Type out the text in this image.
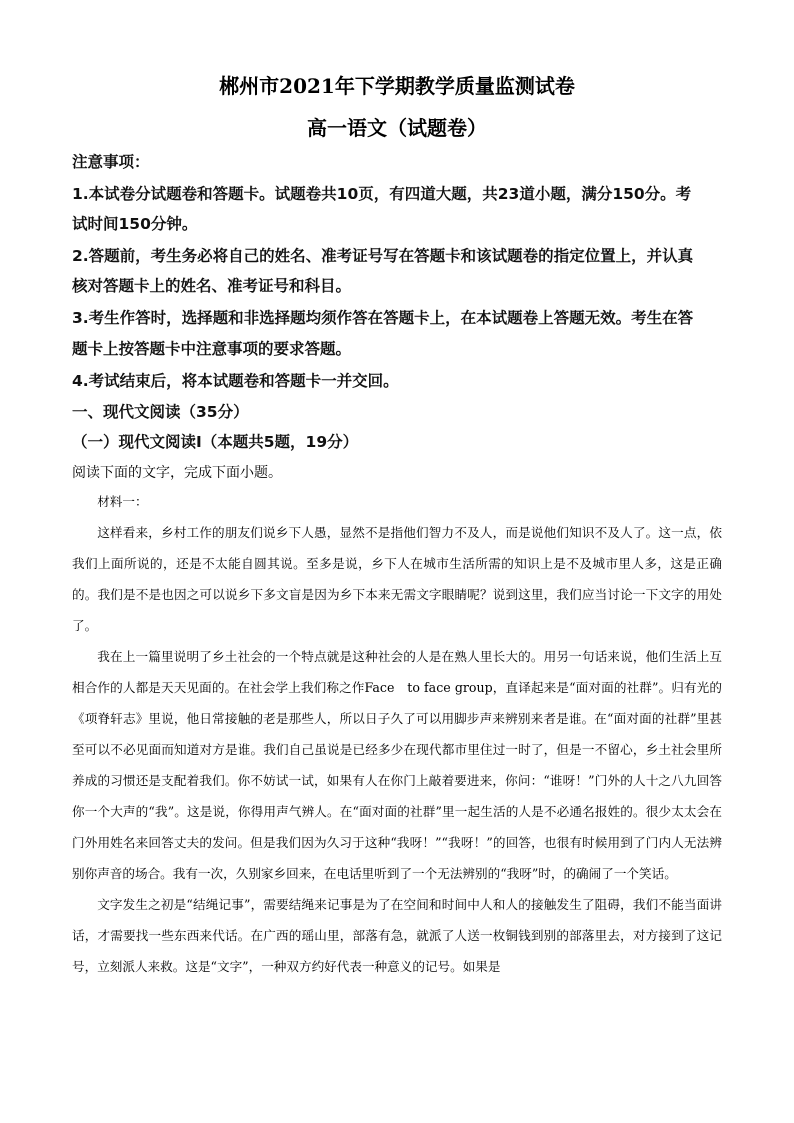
郴州市2021年下学期教学质量监测试卷
高一语文（试题卷）
注意事项：
1.本试卷分试题卷和答题卡。试题卷共10页，有四道大题，共23道小题，满分150分。考
试时间150分钟。
2.答题前，考生务必将自己的姓名、准考证号写在答题卡和该试题卷的指定位置上，并认真
核对答题卡上的姓名、准考证号和科目。
3.考生作答时，选择题和非选择题均须作答在答题卡上，在本试题卷上答题无效。考生在答
题卡上按答题卡中注意事项的要求答题。
4.考试结束后，将本试题卷和答题卡一并交回。
一、现代文阅读（35分）
（一）现代文阅读Ⅰ（本题共5题，19分）
阅读下面的文字，完成下面小题。

材料一：

这样看来，乡村工作的朋友们说乡下人愚，显然不是指他们智力不及人，而是说他们知识不及人了。这一点，依我们上面所说的，还是不太能自圆其说。至多是说，乡下人在城市生活所需的知识上是不及城市里人多，这是正确的。我们是不是也因之可以说乡下多文盲是因为乡下本来无需文字眼睛呢？说到这里，我们应当讨论一下文字的用处了。

我在上一篇里说明了乡土社会的一个特点就是这种社会的人是在熟人里长大的。用另一句话来说，他们生活上互相合作的人都是天天见面的。在社会学上我们称之作Face　to face group，直译起来是“面对面的社群”。归有光的《项脊轩志》里说，他日常接触的老是那些人，所以日子久了可以用脚步声来辨别来者是谁。在“面对面的社群”里甚至可以不必见面而知道对方是谁。我们自己虽说是已经多少在现代都市里住过一时了，但是一不留心，乡土社会里所养成的习惯还是支配着我们。你不妨试一试，如果有人在你门上敲着要进来，你问：“谁呀！”门外的人十之八九回答你一个大声的“我”。这是说，你得用声气辨人。在“面对面的社群”里一起生活的人是不必通名报姓的。很少太太会在门外用姓名来回答丈夫的发问。但是我们因为久习于这种“我呀！”“我呀！”的回答，也很有时候用到了门内人无法辨别你声音的场合。我有一次，久别家乡回来，在电话里听到了一个无法辨别的“我呀”时，的确闹了一个笑话。

文字发生之初是“结绳记事”，需要结绳来记事是为了在空间和时间中人和人的接触发生了阻碍，我们不能当面讲话，才需要找一些东西来代话。在广西的瑶山里，部落有急，就派了人送一枚铜钱到别的部落里去，对方接到了这记号，立刻派人来救。这是“文字”，一种双方约好代表一种意义的记号。如果是
